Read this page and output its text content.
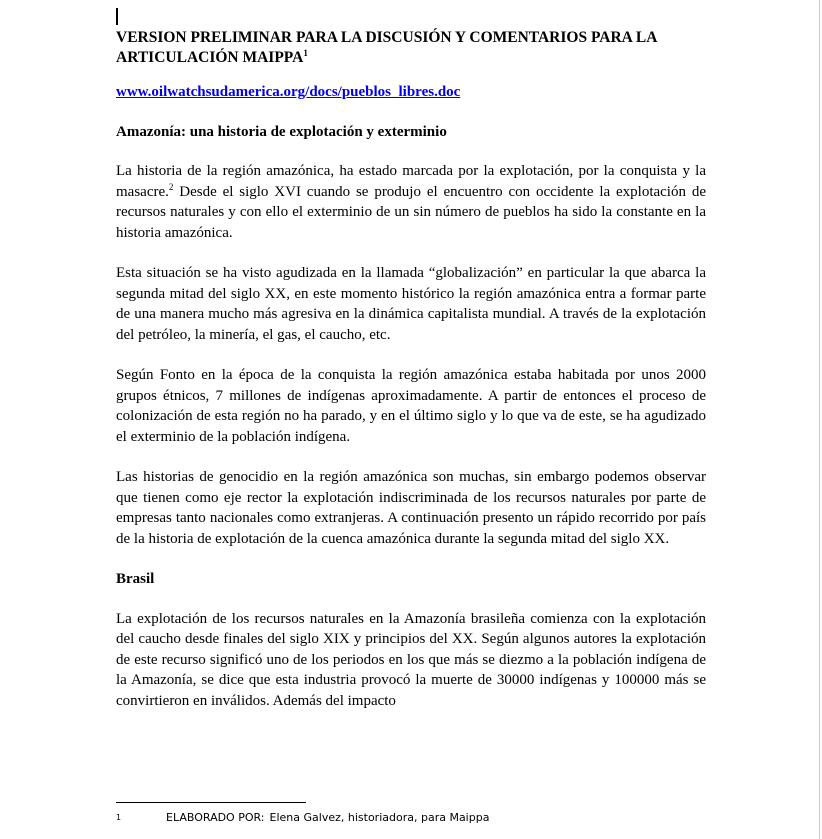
VERSION PRELIMINAR PARA LA DISCUSIÓN Y COMENTARIOS PARA LA ARTICULACIÓN MAIPPA$^1$
www.oilwatchsudamerica.org/docs/pueblos_libres.doc
Amazonía: una historia de explotación y exterminio
La historia de la región amazónica, ha estado marcada por la explotación, por la conquista y la masacre.$^2$ Desde el siglo XVI cuando se produjo el encuentro con occidente la explotación de recursos naturales y con ello el exterminio de un sin número de pueblos ha sido la constante en la historia amazónica.
Esta situación se ha visto agudizada en la llamada “globalización” en particular la que abarca la segunda mitad del siglo XX, en este momento histórico la región amazónica entra a formar parte de una manera mucho más agresiva en la dinámica capitalista mundial. A través de la explotación del petróleo, la minería, el gas, el caucho, etc.
Según Fonto en la época de la conquista la región amazónica estaba habitada por unos 2000 grupos étnicos, 7 millones de indígenas aproximadamente. A partir de entonces el proceso de colonización de esta región no ha parado, y en el último siglo y lo que va de este, se ha agudizado el exterminio de la población indígena.
Las historias de genocidio en la región amazónica son muchas, sin embargo podemos observar que tienen como eje rector la explotación indiscriminada de los recursos naturales por parte de empresas tanto nacionales como extranjeras. A continuación presento un rápido recorrido por país de la historia de explotación de la cuenca amazónica durante la segunda mitad del siglo XX.
Brasil
La explotación de los recursos naturales en la Amazonía brasileña comienza con la explotación del caucho desde finales del siglo XIX y principios del XX. Según algunos autores la explotación de este recurso significó uno de los periodos en los que más se diezmo a la población indígena de la Amazonía, se dice que esta industria provocó la muerte de 30000 indígenas y 100000 más se convirtieron en inválidos. Además del impacto
1	ELABORADO POR: Elena Galvez, historiadora, para Maippa
